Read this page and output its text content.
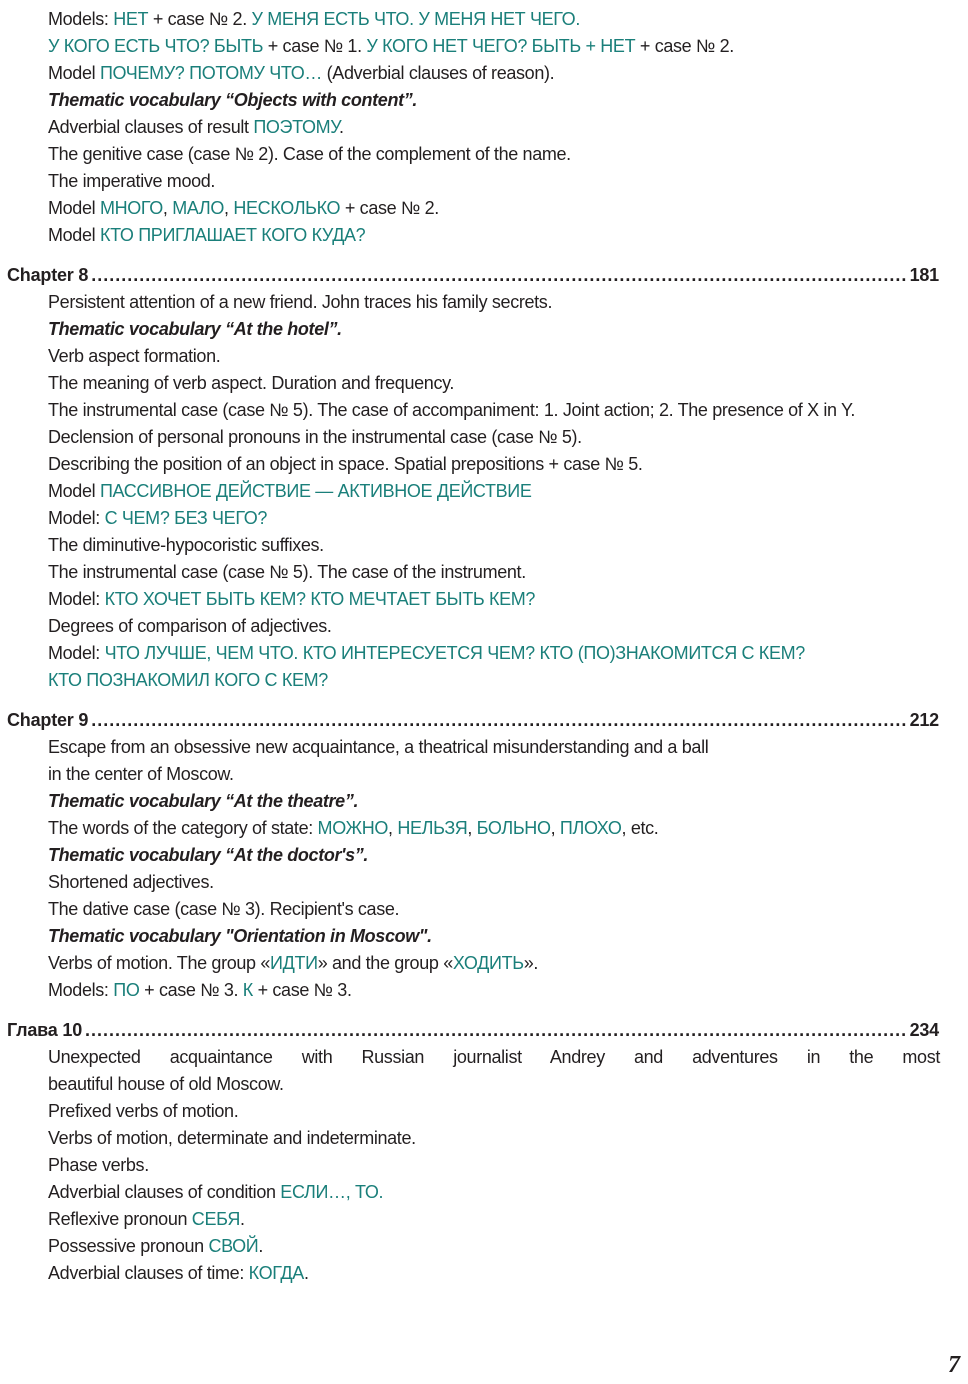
Models: НЕТ + case № 2. У МЕНЯ ЕСТЬ ЧТО. У МЕНЯ НЕТ ЧЕГО.
У КОГО ЕСТЬ ЧТО? БЫТЬ + case № 1. У КОГО НЕТ ЧЕГО? БЫТЬ + НЕТ + case № 2.
Model ПОЧЕМУ? ПОТОМУ ЧТО… (Adverbial clauses of reason).
Thematic vocabulary “Objects with content”.
Adverbial clauses of result ПОЭТОМУ.
The genitive case (case № 2). Case of the complement of the name.
The imperative mood.
Model МНОГО, МАЛО, НЕСКОЛЬКО + case № 2.
Model КТО ПРИГЛАШАЕТ КОГО КУДА?
Chapter 8 .....	181
Persistent attention of a new friend. John traces his family secrets.
Thematic vocabulary “At the hotel”.
Verb aspect formation.
The meaning of verb aspect. Duration and frequency.
The instrumental case (case № 5). The case of accompaniment: 1. Joint action; 2. The presence of X in Y.
Declension of personal pronouns in the instrumental case (case № 5).
Describing the position of an object in space. Spatial prepositions + case № 5.
Model ПАССИВНОЕ ДЕЙСТВИЕ — АКТИВНОЕ ДЕЙСТВИЕ
Model: С ЧЕМ? БЕЗ ЧЕГО?
The diminutive-hypocoristic suffixes.
The instrumental case (case № 5). The case of the instrument.
Model: КТО ХОЧЕТ БЫТЬ КЕМ? КТО МЕЧТАЕТ БЫТЬ КЕМ?
Degrees of comparison of adjectives.
Model: ЧТО ЛУЧШЕ, ЧЕМ ЧТО. КТО ИНТЕРЕСУЕТСЯ ЧЕМ? КТО (ПО)ЗНАКОМИТСЯ С КЕМ?
КТО ПОЗНАКОМИЛ КОГО С КЕМ?
Chapter 9 .....	212
Escape from an obsessive new acquaintance, a theatrical misunderstanding and a ball
in the center of Moscow.
Thematic vocabulary “At the theatre”.
The words of the category of state: МОЖНО, НЕЛЬЗЯ, БОЛЬНО, ПЛОХО, etc.
Thematic vocabulary “At the doctor's”.
Shortened adjectives.
The dative case (case № 3). Recipient's case.
Thematic vocabulary "Orientation in Moscow".
Verbs of motion. The group «ИДТИ» and the group «ХОДИТЬ».
Models: ПО + case № 3. К + case № 3.
Глава 10 .....	234
Unexpected acquaintance with Russian journalist Andrey and adventures in the most
beautiful house of old Moscow.
Prefixed verbs of motion.
Verbs of motion, determinate and indeterminate.
Phase verbs.
Adverbial clauses of condition ЕСЛИ…, ТО.
Reflexive pronoun СЕБЯ.
Possessive pronoun СВОЙ.
Adverbial clauses of time: КОГДА.
7
